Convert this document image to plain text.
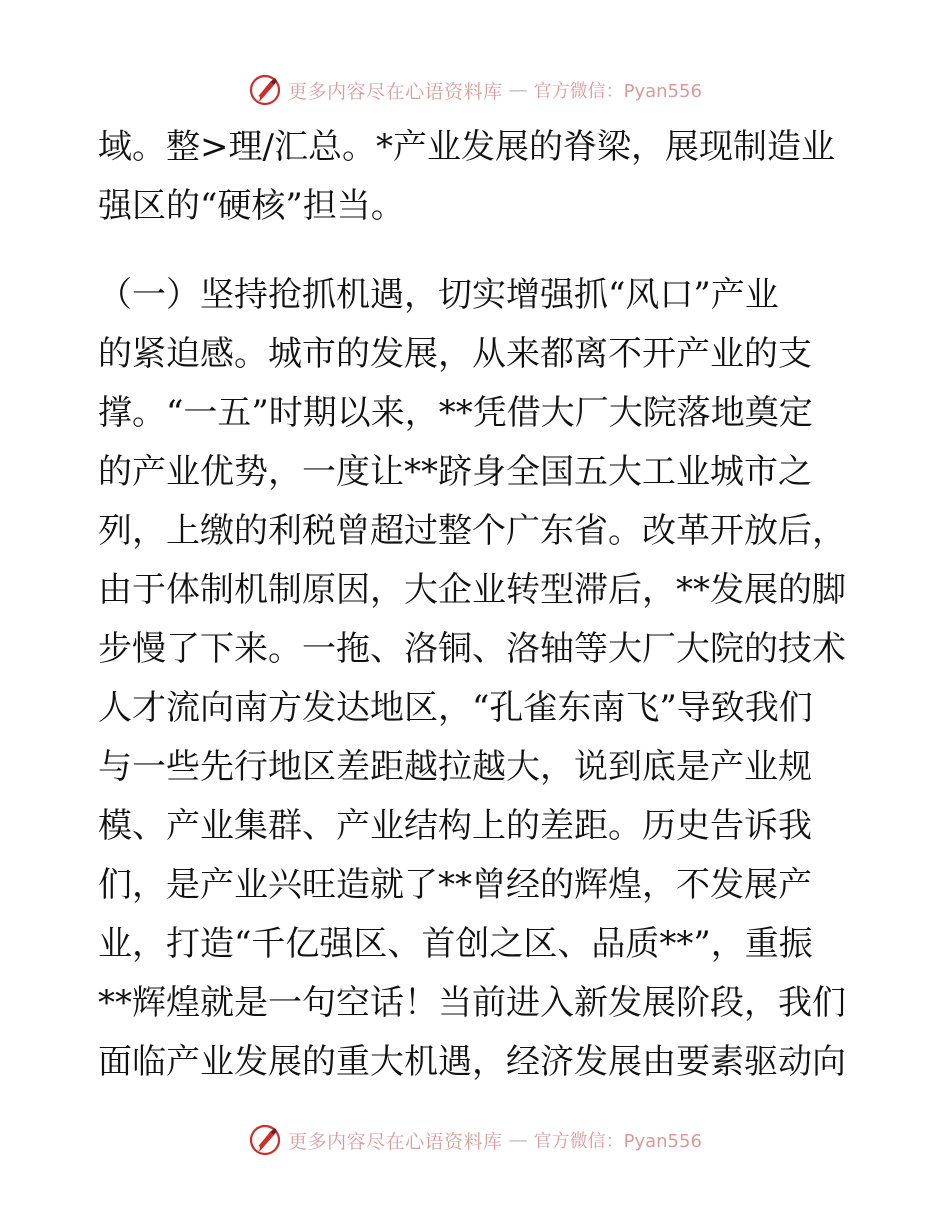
更多内容尽在心语资料库 — 官方微信：Pyan556
域。整>理/汇总。*产业发展的脊梁，展现制造业
强区的“硬核”担当。
（一）坚持抢抓机遇，切实增强抓“风口”产业
的紧迫感。城市的发展，从来都离不开产业的支
撑。“一五”时期以来，**凭借大厂大院落地奠定
的产业优势，一度让**跻身全国五大工业城市之
列，上缴的利税曾超过整个广东省。改革开放后，
由于体制机制原因，大企业转型滞后，**发展的脚
步慢了下来。一拖、洛铜、洛轴等大厂大院的技术
人才流向南方发达地区，“孔雀东南飞”导致我们
与一些先行地区差距越拉越大，说到底是产业规
模、产业集群、产业结构上的差距。历史告诉我
们，是产业兴旺造就了**曾经的辉煌，不发展产
业，打造“千亿强区、首创之区、品质**”，重振
**辉煌就是一句空话！当前进入新发展阶段，我们
面临产业发展的重大机遇，经济发展由要素驱动向
更多内容尽在心语资料库 — 官方微信：Pyan556
